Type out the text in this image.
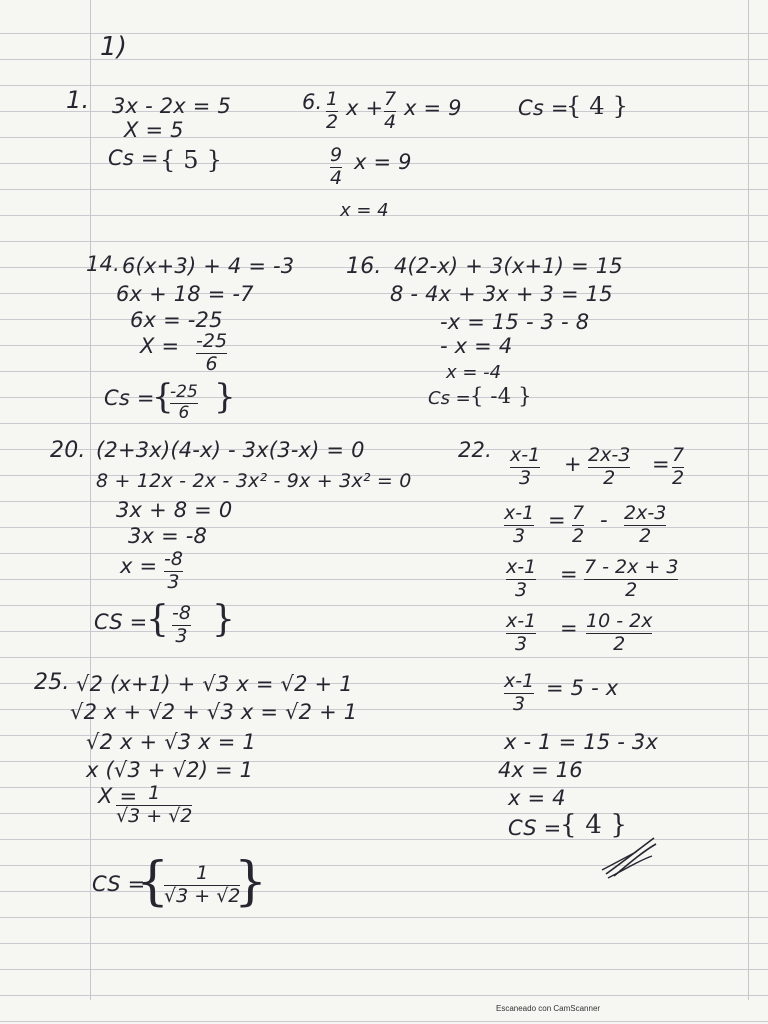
1)
1. 3x - 2x = 5
X = 5
Cs = { 5 }
6. 1
2
x + 7
4
x = 9
9
4
x = 9
x = 4
Cs =
{ 4 }
14. 6(x+3) + 4 = -3
6x + 18 = -7
6x = -25
X = -25
6
Cs =
{
-25
6 }
16. 4(2-x) + 3(x+1) = 15
8 - 4x + 3x + 3 = 15
-x = 15 - 3 - 8
- x = 4
x = -4
Cs = { -4 }
20. (2+3x)(4-x) - 3x(3-x) = 0
8 + 12x - 2x - 3x² - 9x + 3x² = 0
3x + 8 = 0
3x = -8
x = -8
3
CS =
{ -8
3 }
22. x-1
3
+ 2x-3
2
= 7
2
x-1
3
= 7
2
- 2x-3
2
x-1
3
= 7 - 2x + 3
2
x-1
3
= 10 - 2x
2
x-1
3
= 5 - x
x - 1 = 15 - 3x
4x = 16
x = 4
CS =
{ 4 }
25. √2 (x+1) + √3 x = √2 + 1
√2 x + √2 + √3 x = √2 + 1
√2 x + √3 x = 1
x (√3 + √2) = 1
X = 1
√3 + √2
CS =
{ 1
√3 + √2
}
Escaneado con CamScanner
